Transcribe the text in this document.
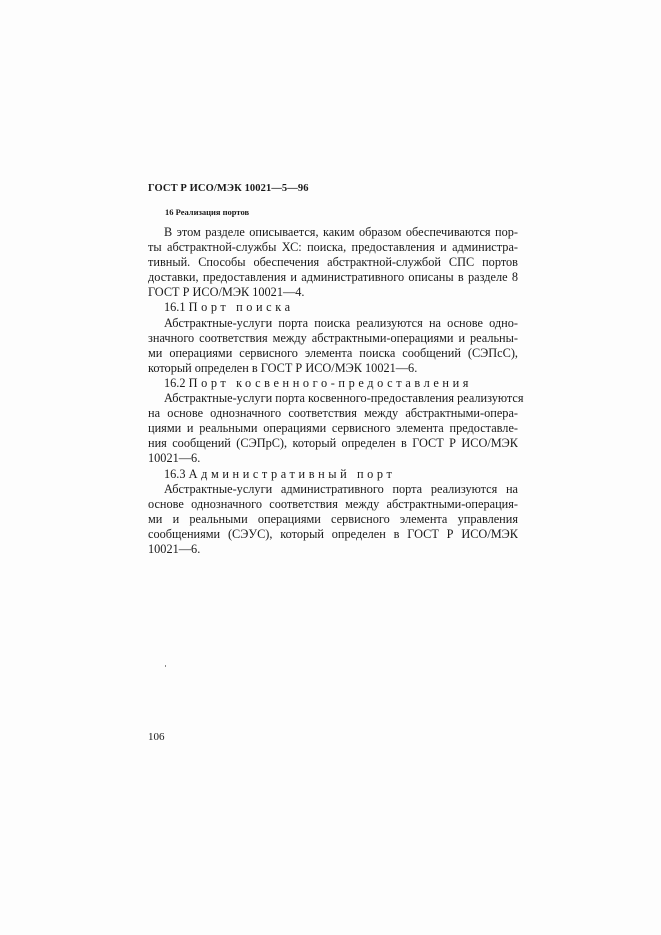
ГОСТ Р ИСО/МЭК 10021—5—96
16 Реализация портов
В этом разделе описывается, каким образом обеспечиваются пор-
ты абстрактной-службы ХС: поиска, предоставления и администра-
тивный. Способы обеспечения абстрактной-службой СПС портов
доставки, предоставления и административного описаны в разделе 8
ГОСТ Р ИСО/МЭК 10021—4.
16.1 Порт поиска
Абстрактные-услуги порта поиска реализуются на основе одно-
значного соответствия между абстрактными-операциями и реальны-
ми операциями сервисного элемента поиска сообщений (СЭПсС),
который определен в ГОСТ Р ИСО/МЭК 10021—6.
16.2 Порт косвенного-предоставления
Абстрактные-услуги порта косвенного-предоставления реализуются
на основе однозначного соответствия между абстрактными-опера-
циями и реальными операциями сервисного элемента предоставле-
ния сообщений (СЭПрС), который определен в ГОСТ Р ИСО/МЭК
10021—6.
16.3 Административный порт
Абстрактные-услуги административного порта реализуются на
основе однозначного соответствия между абстрактными-операция-
ми и реальными операциями сервисного элемента управления
сообщениями (СЭУС), который определен в ГОСТ Р ИСО/МЭК
10021—6.
106
